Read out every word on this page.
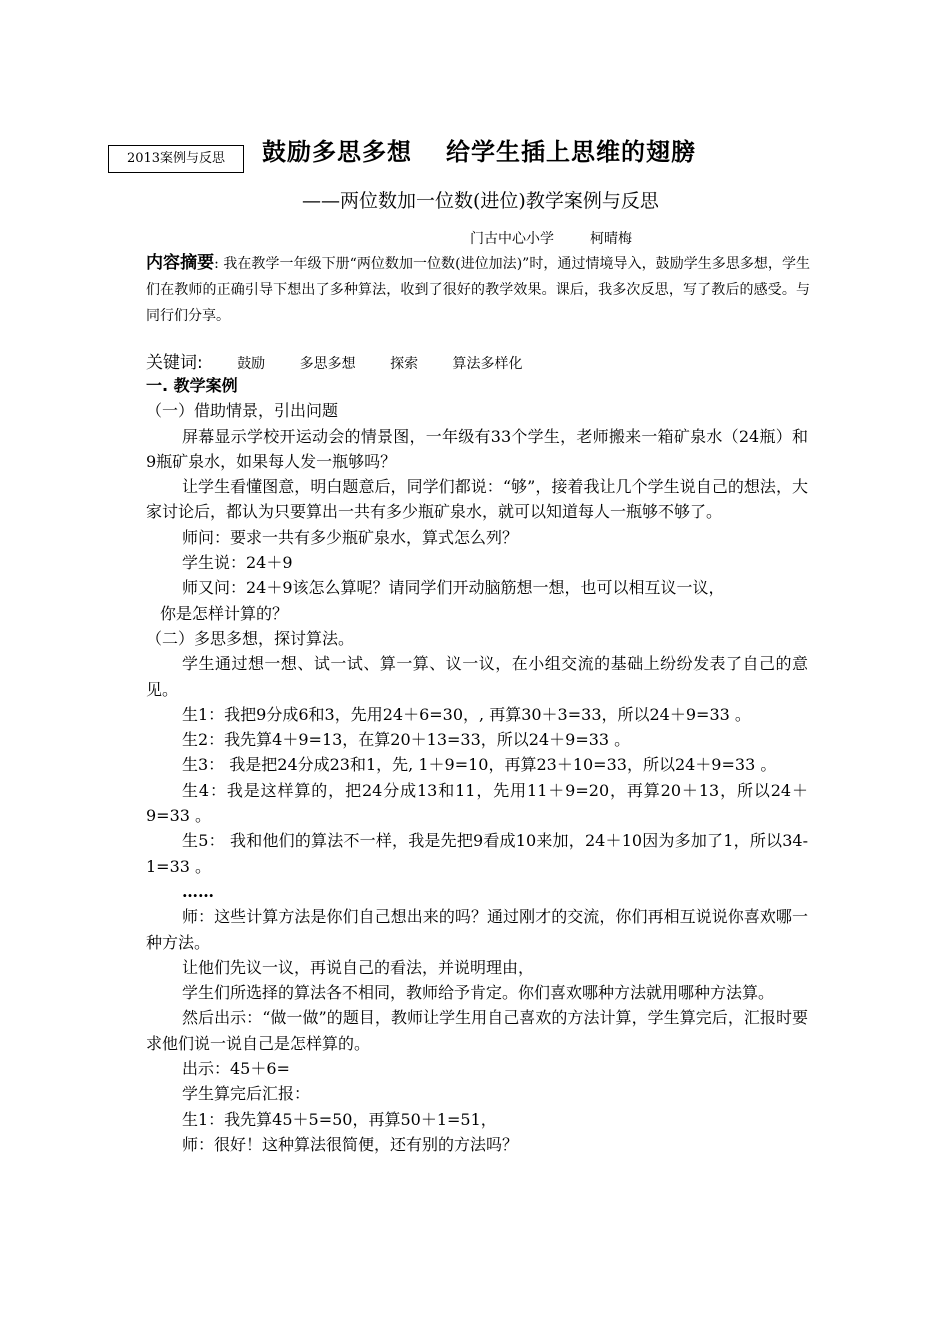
2013案例与反思	鼓励多思多想 给学生插上思维的翅膀
——两位数加一位数(进位)教学案例与反思
门古中心小学	柯晴梅
内容摘要: 我在教学一年级下册“两位数加一位数(进位加法)”时，通过情境导入，鼓励学生多思多想，学生们在教师的正确引导下想出了多种算法，收到了很好的教学效果。课后，我多次反思，写了教后的感受。与同行们分享。
关键词: 鼓励 多思多想 探索 算法多样化

一. 教学案例

（一）借助情景，引出问题

屏幕显示学校开运动会的情景图，一年级有33个学生，老师搬来一箱矿泉水（24瓶）和9瓶矿泉水，如果每人发一瓶够吗？

让学生看懂图意，明白题意后，同学们都说：“够”，接着我让几个学生说自己的想法，大家讨论后，都认为只要算出一共有多少瓶矿泉水，就可以知道每人一瓶够不够了。

师问：要求一共有多少瓶矿泉水，算式怎么列？

学生说：24＋9

师又问：24＋9该怎么算呢？请同学们开动脑筋想一想，也可以相互议一议，

你是怎样计算的？

（二）多思多想，探讨算法。

学生通过想一想、试一试、算一算、议一议，在小组交流的基础上纷纷发表了自己的意见。

生1：我把9分成6和3，先用24＋6=30，, 再算30＋3=33，所以24＋9=33 。

生2：我先算4＋9=13，在算20＋13=33，所以24＋9=33 。

生3： 我是把24分成23和1，先, 1＋9=10，再算23＋10=33，所以24＋9=33 。

生4：我是这样算的，把24分成13和11，先用11＋9=20，再算20＋13，所以24＋9=33 。

生5： 我和他们的算法不一样，我是先把9看成10来加，24＋10因为多加了1，所以34-1=33 。

……

师：这些计算方法是你们自己想出来的吗？通过刚才的交流，你们再相互说说你喜欢哪一种方法。

让他们先议一议，再说自己的看法，并说明理由，

学生们所选择的算法各不相同，教师给予肯定。你们喜欢哪种方法就用哪种方法算。

然后出示：“做一做”的题目，教师让学生用自己喜欢的方法计算，学生算完后，汇报时要求他们说一说自己是怎样算的。

出示：45＋6=

学生算完后汇报：

生1：我先算45＋5=50，再算50＋1=51，

师：很好！这种算法很简便，还有别的方法吗？
